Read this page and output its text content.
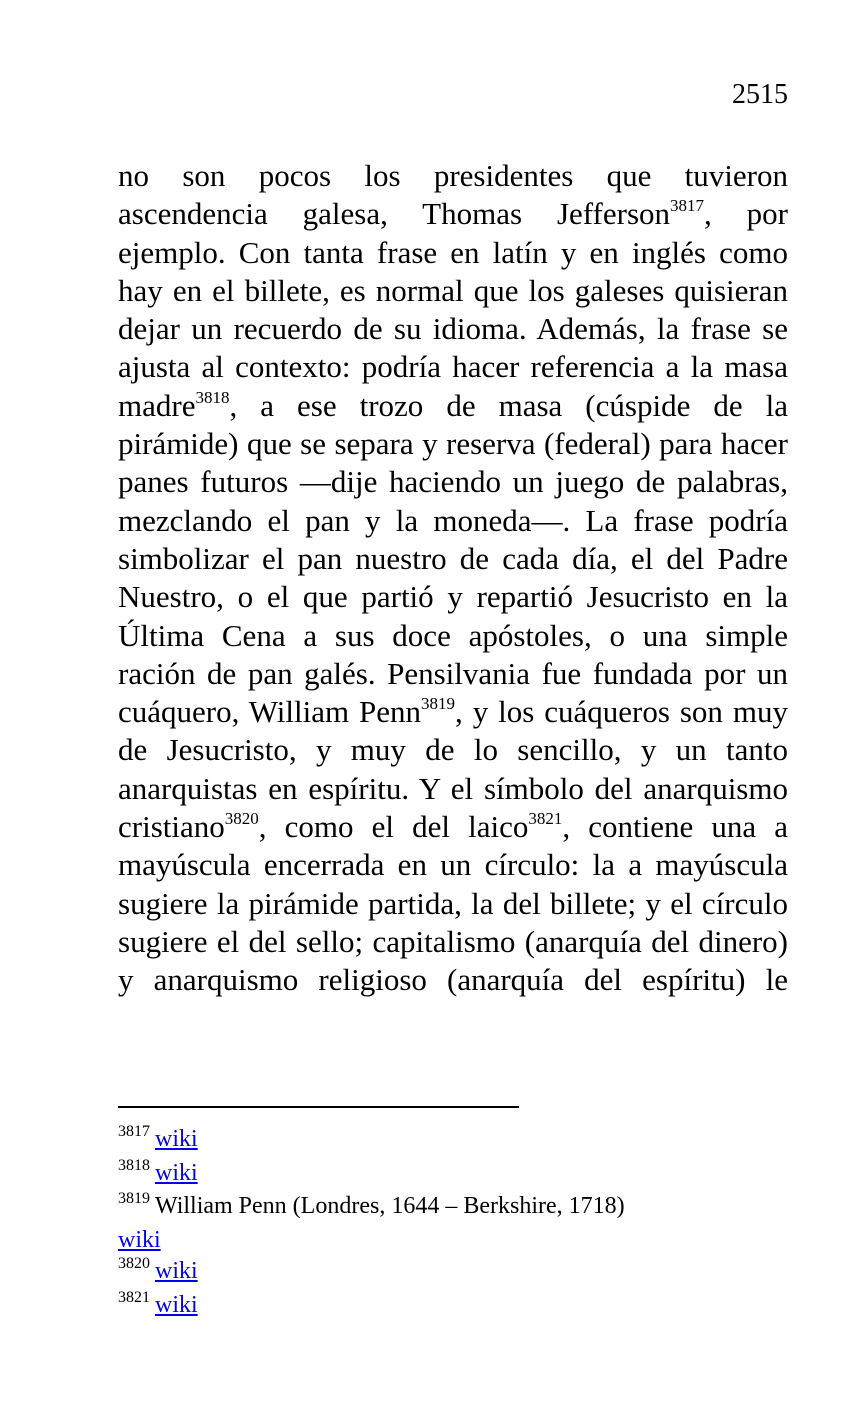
2515

no son pocos los presidentes que tuvieron ascendencia galesa, Thomas Jefferson$^{3817}$, por ejemplo. Con tanta frase en latín y en inglés como hay en el billete, es normal que los galeses quisieran dejar un recuerdo de su idioma. Además, la frase se ajusta al contexto: podría hacer referencia a la masa madre$^{3818}$, a ese trozo de masa (cúspide de la pirámide) que se separa y reserva (federal) para hacer panes futuros ―dije haciendo un juego de palabras, mezclando el pan y la moneda―. La frase podría simbolizar el pan nuestro de cada día, el del Padre Nuestro, o el que partió y repartió Jesucristo en la Última Cena a sus doce apóstoles, o una simple ración de pan galés. Pensilvania fue fundada por un cuáquero, William Penn$^{3819}$, y los cuáqueros son muy de Jesucristo, y muy de lo sencillo, y un tanto anarquistas en espíritu. Y el símbolo del anarquismo cristiano$^{3820}$, como el del laico$^{3821}$, contiene una a mayúscula encerrada en un círculo: la a mayúscula sugiere la pirámide partida, la del billete; y el círculo sugiere el del sello; capitalismo (anarquía del dinero) y anarquismo religioso (anarquía del espíritu) le

$^{3817}$ wiki
$^{3818}$ wiki
$^{3819}$ William Penn (Londres, 1644 – Berkshire, 1718)
wiki
$^{3820}$ wiki
$^{3821}$ wiki
